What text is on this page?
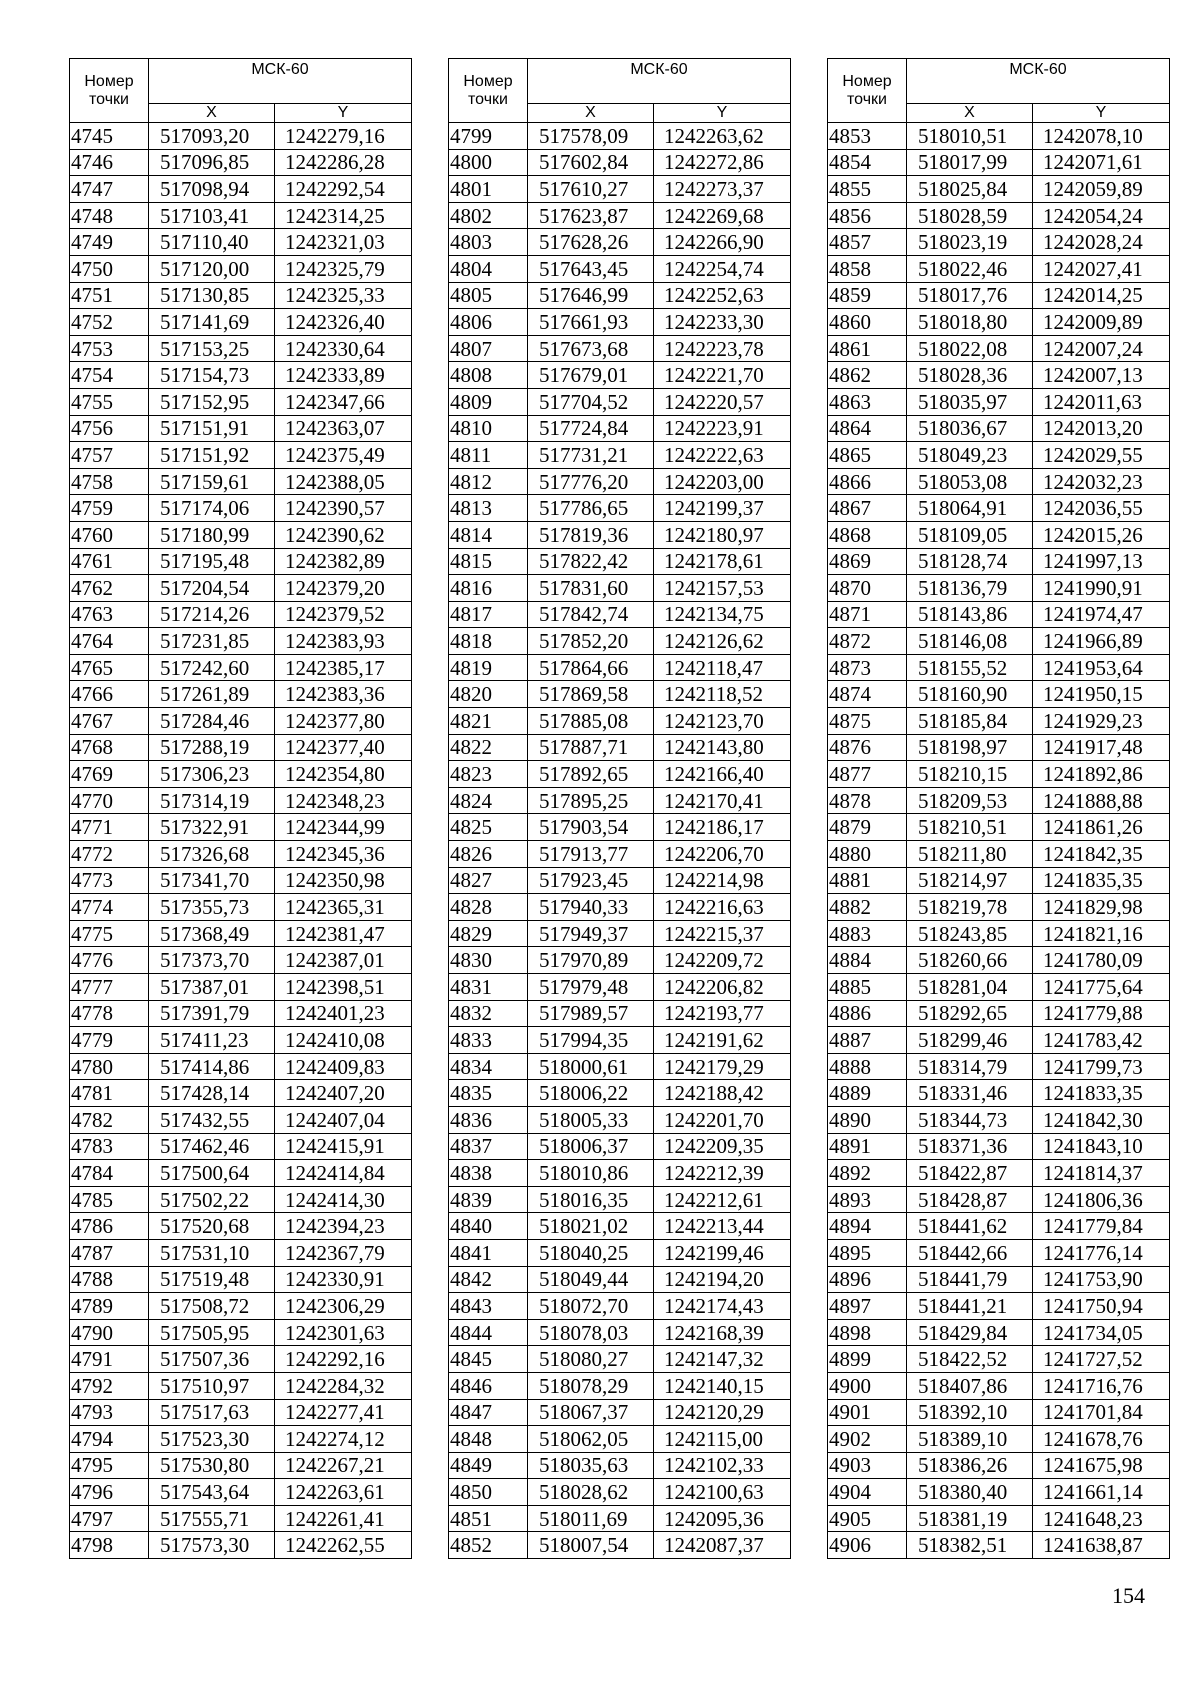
Номер
точки	МСК-60	
	X	Y
4745	517093,20	1242279,16
4746	517096,85	1242286,28
4747	517098,94	1242292,54
4748	517103,41	1242314,25
4749	517110,40	1242321,03
4750	517120,00	1242325,79
4751	517130,85	1242325,33
4752	517141,69	1242326,40
4753	517153,25	1242330,64
4754	517154,73	1242333,89
4755	517152,95	1242347,66
4756	517151,91	1242363,07
4757	517151,92	1242375,49
4758	517159,61	1242388,05
4759	517174,06	1242390,57
4760	517180,99	1242390,62
4761	517195,48	1242382,89
4762	517204,54	1242379,20
4763	517214,26	1242379,52
4764	517231,85	1242383,93
4765	517242,60	1242385,17
4766	517261,89	1242383,36
4767	517284,46	1242377,80
4768	517288,19	1242377,40
4769	517306,23	1242354,80
4770	517314,19	1242348,23
4771	517322,91	1242344,99
4772	517326,68	1242345,36
4773	517341,70	1242350,98
4774	517355,73	1242365,31
4775	517368,49	1242381,47
4776	517373,70	1242387,01
4777	517387,01	1242398,51
4778	517391,79	1242401,23
4779	517411,23	1242410,08
4780	517414,86	1242409,83
4781	517428,14	1242407,20
4782	517432,55	1242407,04
4783	517462,46	1242415,91
4784	517500,64	1242414,84
4785	517502,22	1242414,30
4786	517520,68	1242394,23
4787	517531,10	1242367,79
4788	517519,48	1242330,91
4789	517508,72	1242306,29
4790	517505,95	1242301,63
4791	517507,36	1242292,16
4792	517510,97	1242284,32
4793	517517,63	1242277,41
4794	517523,30	1242274,12
4795	517530,80	1242267,21
4796	517543,64	1242263,61
4797	517555,71	1242261,41
4798	517573,30	1242262,55
Номер
точки	МСК-60	
	X	Y
4799	517578,09	1242263,62
4800	517602,84	1242272,86
4801	517610,27	1242273,37
4802	517623,87	1242269,68
4803	517628,26	1242266,90
4804	517643,45	1242254,74
4805	517646,99	1242252,63
4806	517661,93	1242233,30
4807	517673,68	1242223,78
4808	517679,01	1242221,70
4809	517704,52	1242220,57
4810	517724,84	1242223,91
4811	517731,21	1242222,63
4812	517776,20	1242203,00
4813	517786,65	1242199,37
4814	517819,36	1242180,97
4815	517822,42	1242178,61
4816	517831,60	1242157,53
4817	517842,74	1242134,75
4818	517852,20	1242126,62
4819	517864,66	1242118,47
4820	517869,58	1242118,52
4821	517885,08	1242123,70
4822	517887,71	1242143,80
4823	517892,65	1242166,40
4824	517895,25	1242170,41
4825	517903,54	1242186,17
4826	517913,77	1242206,70
4827	517923,45	1242214,98
4828	517940,33	1242216,63
4829	517949,37	1242215,37
4830	517970,89	1242209,72
4831	517979,48	1242206,82
4832	517989,57	1242193,77
4833	517994,35	1242191,62
4834	518000,61	1242179,29
4835	518006,22	1242188,42
4836	518005,33	1242201,70
4837	518006,37	1242209,35
4838	518010,86	1242212,39
4839	518016,35	1242212,61
4840	518021,02	1242213,44
4841	518040,25	1242199,46
4842	518049,44	1242194,20
4843	518072,70	1242174,43
4844	518078,03	1242168,39
4845	518080,27	1242147,32
4846	518078,29	1242140,15
4847	518067,37	1242120,29
4848	518062,05	1242115,00
4849	518035,63	1242102,33
4850	518028,62	1242100,63
4851	518011,69	1242095,36
4852	518007,54	1242087,37
Номер
точки	МСК-60	
	X	Y
4853	518010,51	1242078,10
4854	518017,99	1242071,61
4855	518025,84	1242059,89
4856	518028,59	1242054,24
4857	518023,19	1242028,24
4858	518022,46	1242027,41
4859	518017,76	1242014,25
4860	518018,80	1242009,89
4861	518022,08	1242007,24
4862	518028,36	1242007,13
4863	518035,97	1242011,63
4864	518036,67	1242013,20
4865	518049,23	1242029,55
4866	518053,08	1242032,23
4867	518064,91	1242036,55
4868	518109,05	1242015,26
4869	518128,74	1241997,13
4870	518136,79	1241990,91
4871	518143,86	1241974,47
4872	518146,08	1241966,89
4873	518155,52	1241953,64
4874	518160,90	1241950,15
4875	518185,84	1241929,23
4876	518198,97	1241917,48
4877	518210,15	1241892,86
4878	518209,53	1241888,88
4879	518210,51	1241861,26
4880	518211,80	1241842,35
4881	518214,97	1241835,35
4882	518219,78	1241829,98
4883	518243,85	1241821,16
4884	518260,66	1241780,09
4885	518281,04	1241775,64
4886	518292,65	1241779,88
4887	518299,46	1241783,42
4888	518314,79	1241799,73
4889	518331,46	1241833,35
4890	518344,73	1241842,30
4891	518371,36	1241843,10
4892	518422,87	1241814,37
4893	518428,87	1241806,36
4894	518441,62	1241779,84
4895	518442,66	1241776,14
4896	518441,79	1241753,90
4897	518441,21	1241750,94
4898	518429,84	1241734,05
4899	518422,52	1241727,52
4900	518407,86	1241716,76
4901	518392,10	1241701,84
4902	518389,10	1241678,76
4903	518386,26	1241675,98
4904	518380,40	1241661,14
4905	518381,19	1241648,23
4906	518382,51	1241638,87
154
